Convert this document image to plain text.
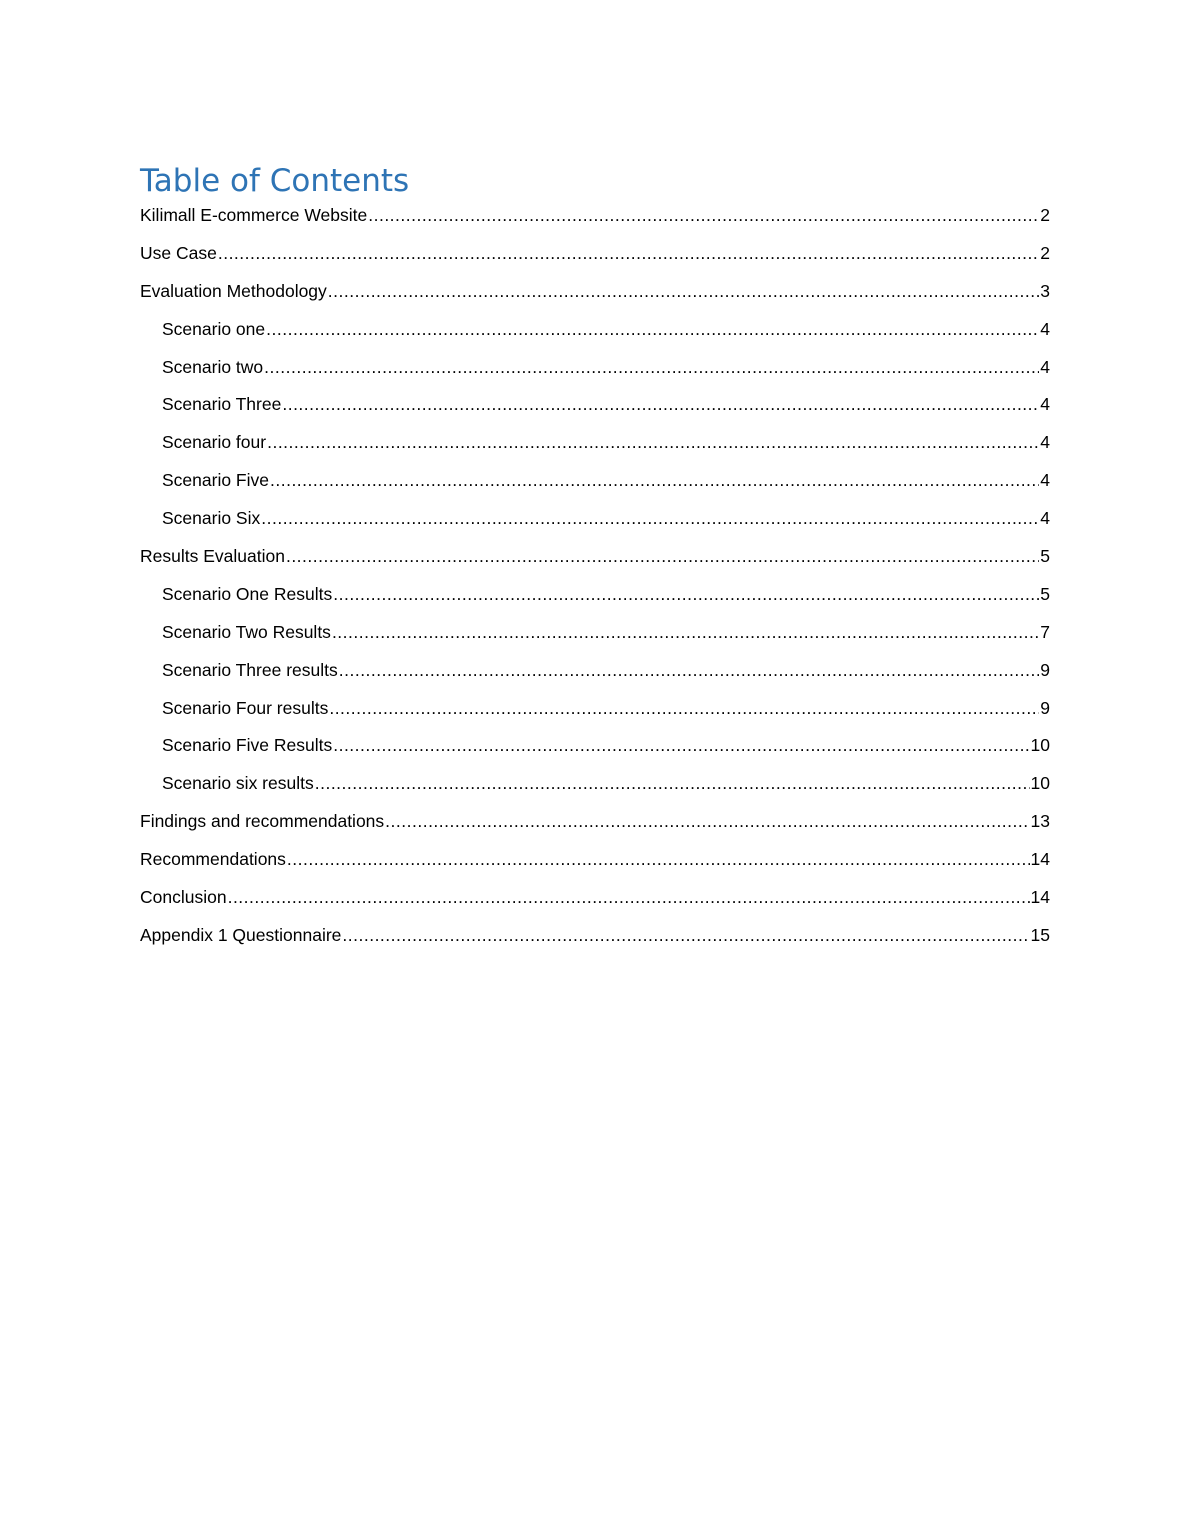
Table of Contents
Kilimall E-commerce Website .....	2
Use Case .....	2
Evaluation Methodology .....	3
Scenario one .....	4
Scenario two .....	4
Scenario Three .....	4
Scenario four .....	4
Scenario Five .....	4
Scenario Six .....	4
Results Evaluation .....	5
Scenario One Results .....	5
Scenario Two Results .....	7
Scenario Three results .....	9
Scenario Four results .....	9
Scenario Five Results .....	10
Scenario six results .....	10
Findings and recommendations .....	13
Recommendations .....	14
Conclusion .....	14
Appendix 1 Questionnaire .....	15
